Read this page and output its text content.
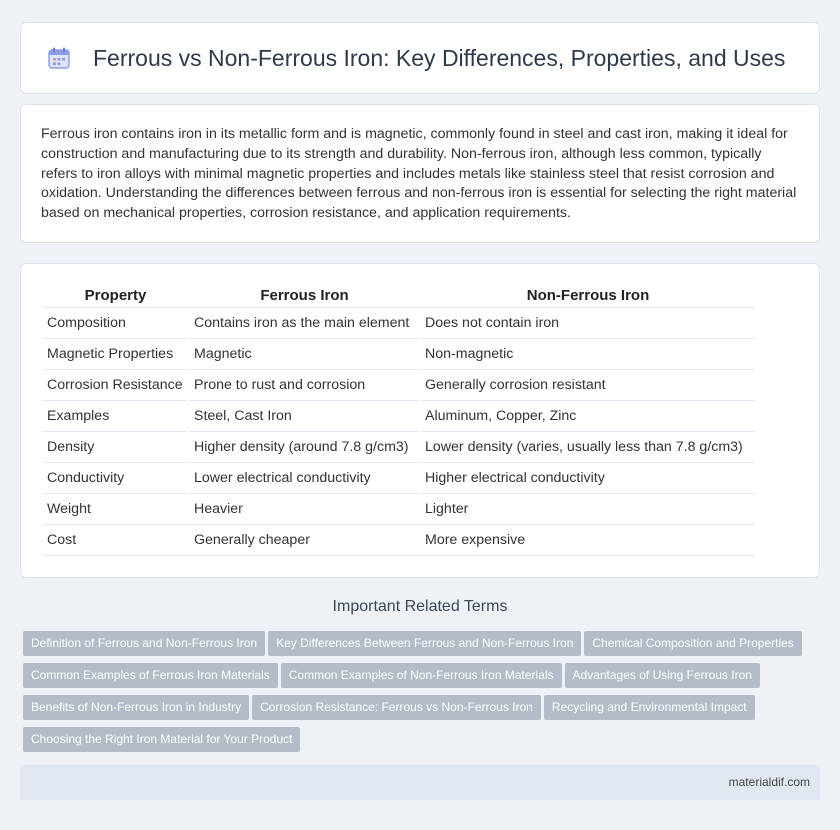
Ferrous vs Non-Ferrous Iron: Key Differences, Properties, and Uses

Ferrous iron contains iron in its metallic form and is magnetic, commonly found in steel and cast iron, making it ideal for construction and manufacturing due to its strength and durability. Non-ferrous iron, although less common, typically refers to iron alloys with minimal magnetic properties and includes metals like stainless steel that resist corrosion and oxidation. Understanding the differences between ferrous and non-ferrous iron is essential for selecting the right material based on mechanical properties, corrosion resistance, and application requirements.

Property	Ferrous Iron	Non-Ferrous Iron
Composition	Contains iron as the main element	Does not contain iron
Magnetic Properties	Magnetic	Non-magnetic
Corrosion Resistance	Prone to rust and corrosion	Generally corrosion resistant
Examples	Steel, Cast Iron	Aluminum, Copper, Zinc
Density	Higher density (around 7.8 g/cm3)	Lower density (varies, usually less than 7.8 g/cm3)
Conductivity	Lower electrical conductivity	Higher electrical conductivity
Weight	Heavier	Lighter
Cost	Generally cheaper	More expensive
Important Related Terms
Definition of Ferrous and Non-Ferrous Iron Key Differences Between Ferrous and Non-Ferrous Iron Chemical Composition and PropertiesCommon Examples of Ferrous Iron Materials Common Examples of Non-Ferrous Iron Materials Advantages of Using Ferrous IronBenefits of Non-Ferrous Iron in Industry Corrosion Resistance: Ferrous vs Non-Ferrous Iron Recycling and Environmental ImpactChoosing the Right Iron Material for Your Product
materialdif.com
